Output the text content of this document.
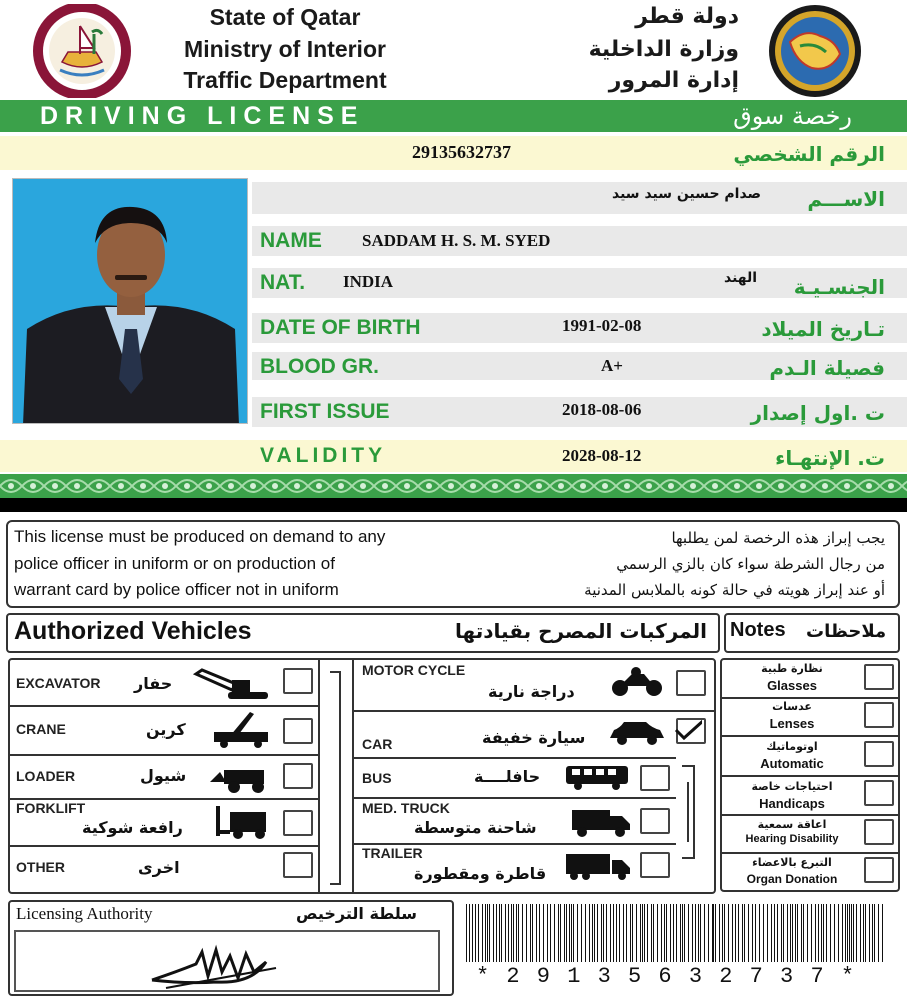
State of Qatar
Ministry of Interior
Traffic Department
دولة قطر
وزارة الداخلية
إدارة المرور
DRIVING LICENSE	رخصة سوق
29135632737	الرقم الشخصي
صدام حسين سيد سيد الاســـم
NAME SADDAM H. S. M. SYED
NAT. INDIA	الهند الجنسـيـة
DATE OF BIRTH	1991-02-08	تـاريخ الميلاد
BLOOD GR.	A+	فصيلة الـدم
FIRST ISSUE	2018-08-06	ت .اول إصدار
VALIDITY	2028-08-12	ت. الإنتهـاء
This license must be produced on demand to any
police officer in uniform or on production of
warrant card by police officer not in uniform
يجب إبراز هذه الرخصة لمن يطلبها
من رجال الشرطة سواء كان بالزي الرسمي
أو عند إبراز هويته في حالة كونه بالملابس المدنية
Authorized Vehicles	المركبات المصرح بقيادتها Notes ملاحظات
EXCAVATOR حفار
CRANE	كرين
LOADER	شيول
FORKLIFT
رافعة شوكية
OTHER	اخرى
MOTOR CYCLE
دراجة نارية
CAR	سيارة خفيفة
BUS	حافلــــة
MED. TRUCK
شاحنة متوسطة
TRAILER
قاطرة ومقطورة
نظارة طبية
Glasses
عدسات
Lenses
اوتوماتيك
Automatic
احتياجات خاصة
Handicaps
اعاقة سمعية
Hearing Disability
التبرع بالاعضاء
Organ Donation
Licensing Authority	سلطة الترخيص
* 2 9 1 3 5 6 3 2 7 3 7 *
